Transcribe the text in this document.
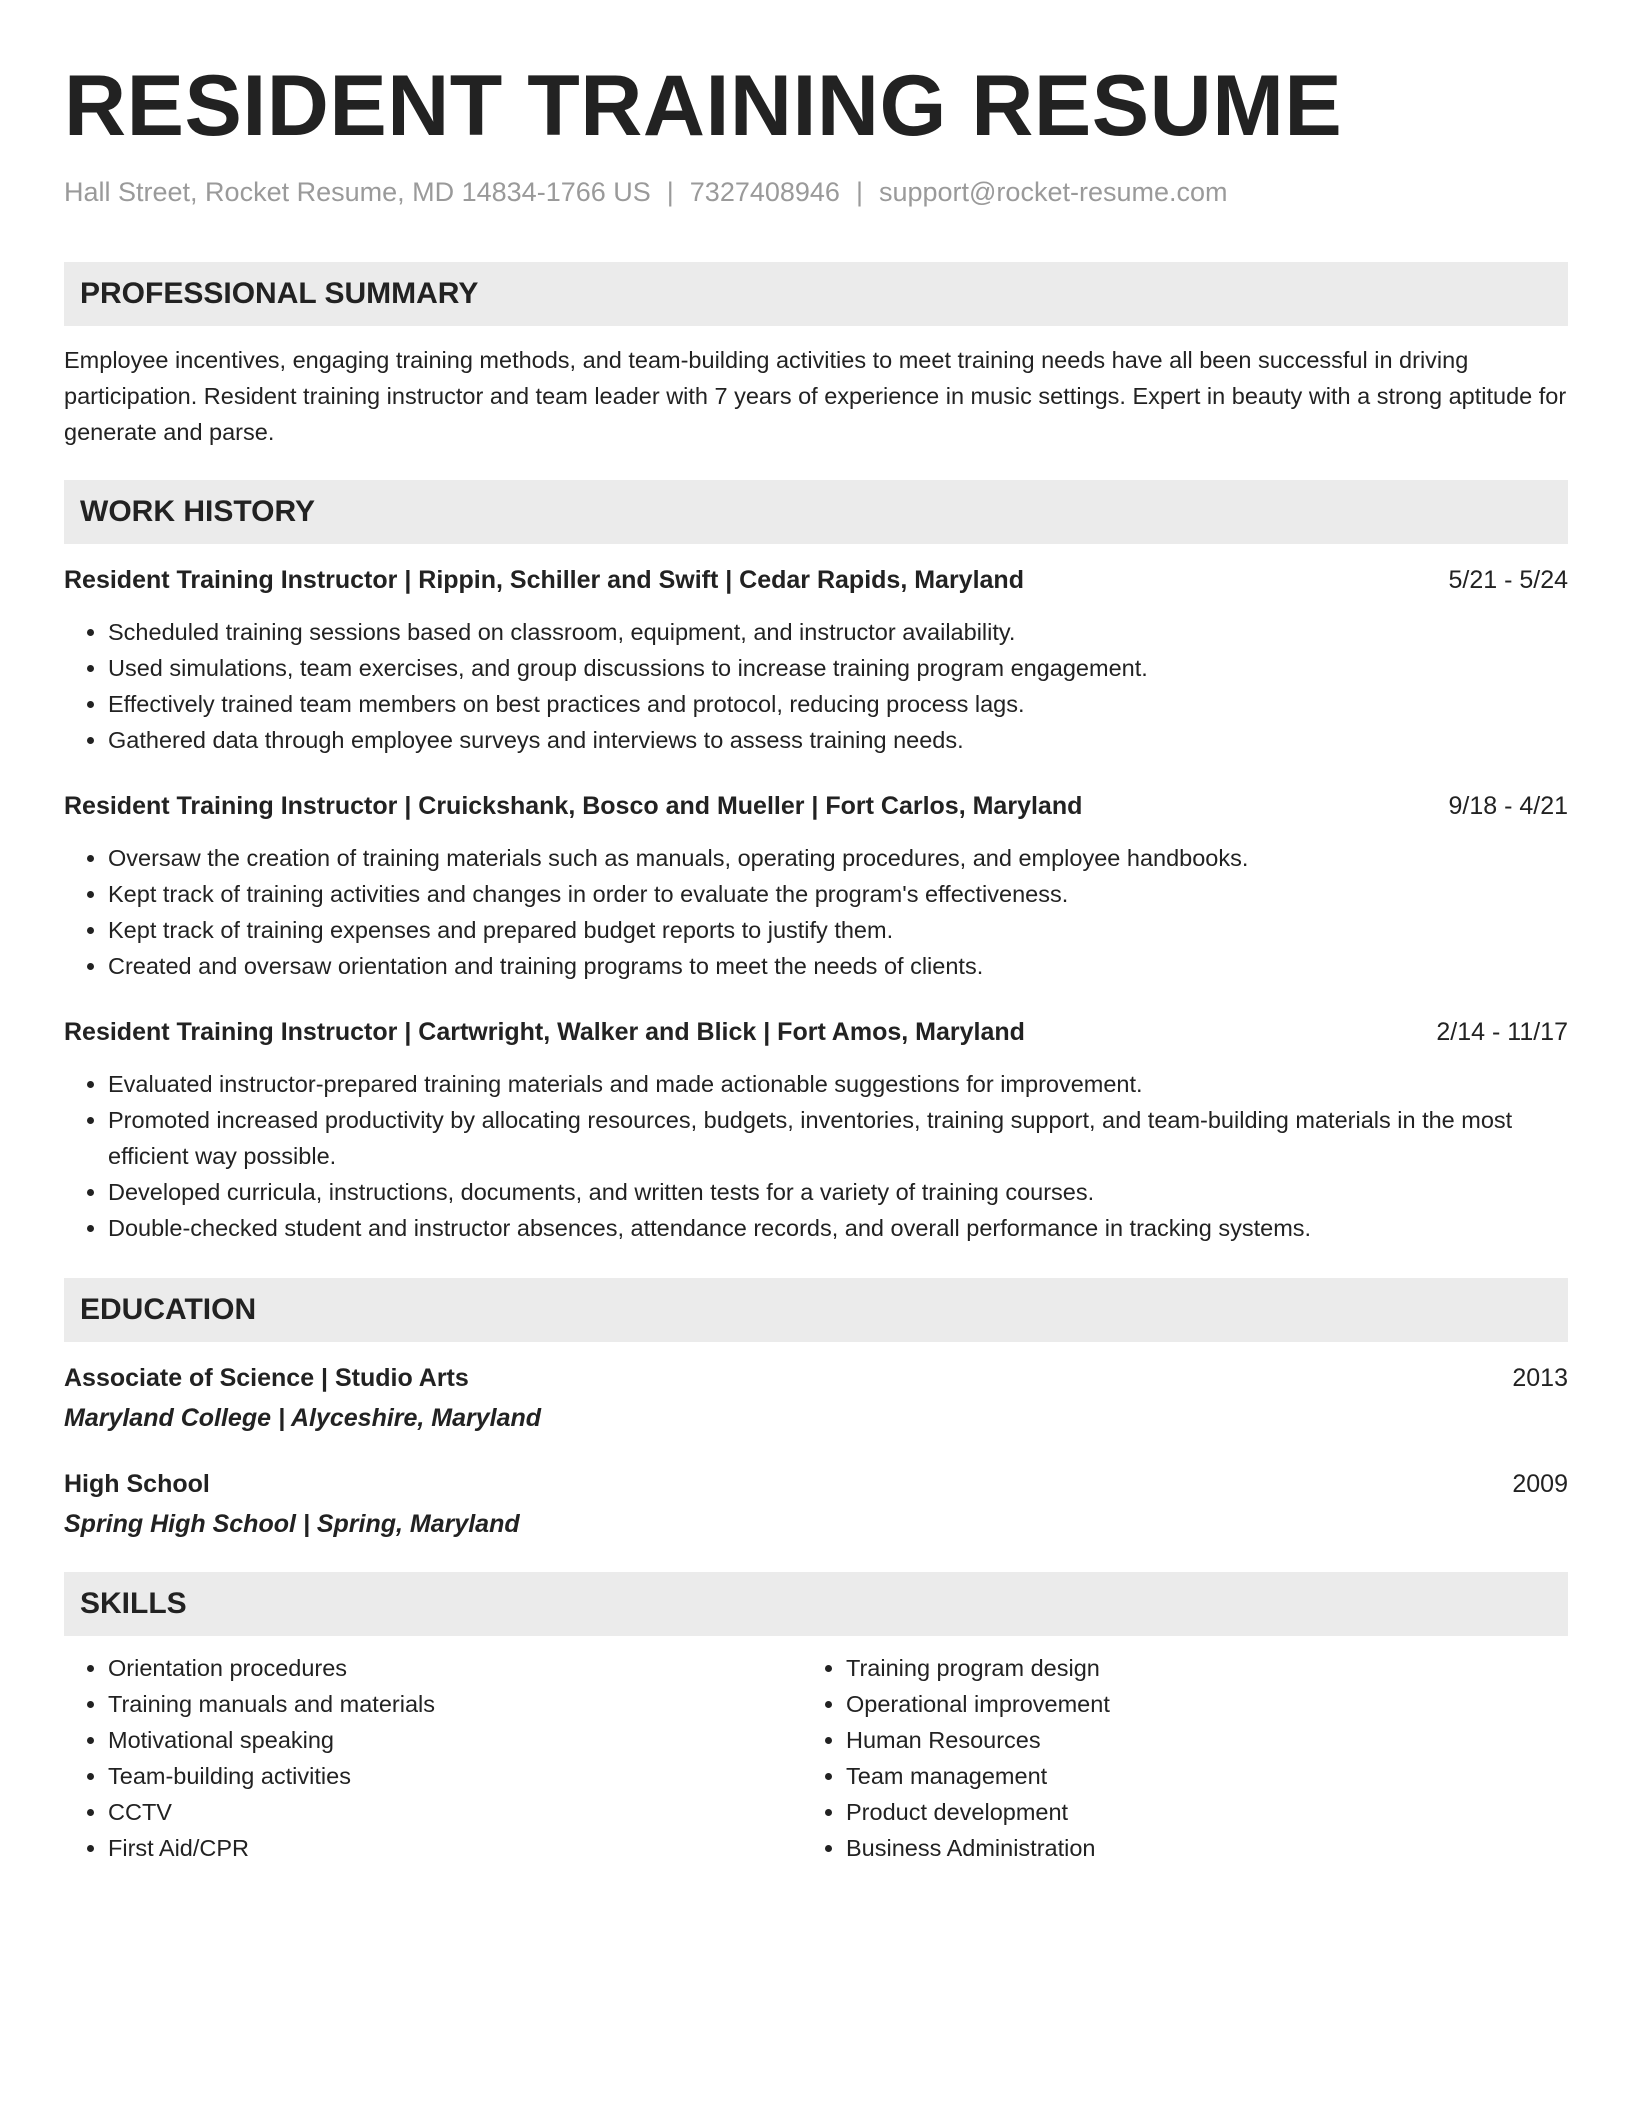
RESIDENT TRAINING RESUME
Hall Street, Rocket Resume, MD 14834-1766 US | 7327408946 | support@rocket-resume.com
PROFESSIONAL SUMMARY
Employee incentives, engaging training methods, and team-building activities to meet training needs have all been successful in driving participation. Resident training instructor and team leader with 7 years of experience in music settings. Expert in beauty with a strong aptitude for generate and parse.
WORK HISTORY
Resident Training Instructor | Rippin, Schiller and Swift | Cedar Rapids, Maryland	5/21 - 5/24
• Scheduled training sessions based on classroom, equipment, and instructor availability.
• Used simulations, team exercises, and group discussions to increase training program engagement.
• Effectively trained team members on best practices and protocol, reducing process lags.
• Gathered data through employee surveys and interviews to assess training needs.
Resident Training Instructor | Cruickshank, Bosco and Mueller | Fort Carlos, Maryland	9/18 - 4/21
• Oversaw the creation of training materials such as manuals, operating procedures, and employee handbooks.
• Kept track of training activities and changes in order to evaluate the program's effectiveness.
• Kept track of training expenses and prepared budget reports to justify them.
• Created and oversaw orientation and training programs to meet the needs of clients.
Resident Training Instructor | Cartwright, Walker and Blick | Fort Amos, Maryland	2/14 - 11/17
• Evaluated instructor-prepared training materials and made actionable suggestions for improvement.
• Promoted increased productivity by allocating resources, budgets, inventories, training support, and team-building materials in the most efficient way possible.
• Developed curricula, instructions, documents, and written tests for a variety of training courses.
• Double-checked student and instructor absences, attendance records, and overall performance in tracking systems.
EDUCATION
Associate of Science | Studio Arts	2013
Maryland College | Alyceshire, Maryland
High School	2009
Spring High School | Spring, Maryland
SKILLS
• Orientation procedures
• Training manuals and materials
• Motivational speaking
• Team-building activities
• CCTV
• First Aid/CPR
• Training program design
• Operational improvement
• Human Resources
• Team management
• Product development
• Business Administration
